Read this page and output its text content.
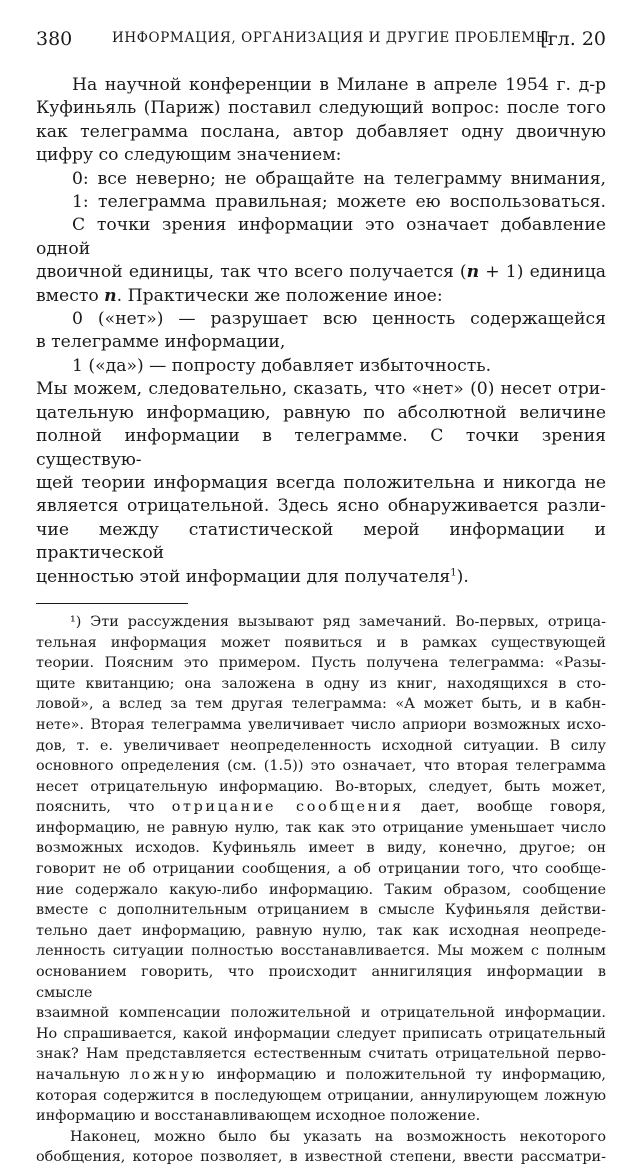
380	ИНФОРМАЦИЯ, ОРГАНИЗАЦИЯ И ДРУГИЕ ПРОБЛЕМЫ
[гл. 20

На научной конференции в Милане в апреле 1954 г. д-р
Куфиньяль (Париж) поставил следующий вопрос: после того
как телеграмма послана, автор добавляет одну двоичную
цифру со следующим значением:

0: все неверно; не обращайте на телеграмму внимания,

1: телеграмма правильная; можете ею воспользоваться.

С точки зрения информации это означает добавление одной
двоичной единицы, так что всего получается (n + 1) единица
вместо n. Практически же положение иное:

0 («нет») — разрушает всю ценность содержащейся
в телеграмме информации,

1 («да») — попросту добавляет избыточность.

Мы можем, следовательно, сказать, что «нет» (0) несет отри-
цательную информацию, равную по абсолютной величине
полной информации в телеграмме. С точки зрения существую-
щей теории информация всегда положительна и никогда не
является отрицательной. Здесь ясно обнаруживается разли-
чие между статистической мерой информации и практической
ценностью этой информации для получателя$^1$).

¹) Эти рассуждения вызывают ряд замечаний. Во-первых, отрица-
тельная информация может появиться и в рамках существующей
теории. Поясним это примером. Пусть получена телеграмма: «Разы-
щите квитанцию; она заложена в одну из книг, находящихся в сто-
ловой», а вслед за тем другая телеграмма: «А может быть, и в кабн-
нете». Вторая телеграмма увеличивает число априори возможных исхо-
дов, т. е. увеличивает неопределенность исходной ситуации. В силу
основного определения (см. (1.5)) это означает, что вторая телеграмма
несет отрицательную информацию. Во-вторых, следует, быть может,
пояснить, что отрицание сообщения дает, вообще говоря,
информацию, не равную нулю, так как это отрицание уменьшает число
возможных исходов. Куфиньяль имеет в виду, конечно, другое; он
говорит не об отрицании сообщения, а об отрицании того, что сообще-
ние содержало какую-либо информацию. Таким образом, сообщение
вместе с дополнительным отрицанием в смысле Куфиньяля действи-
тельно дает информацию, равную нулю, так как исходная неопреде-
ленность ситуации полностью восстанавливается. Мы можем с полным
основанием говорить, что происходит аннигиляция информации в смысле
взаимной компенсации положительной и отрицательной информации.
Но спрашивается, какой информации следует приписать отрицательный
знак? Нам представляется естественным считать отрицательной перво-
начальную ложную информацию и положительной ту информацию,
которая содержится в последующем отрицании, аннулирующем ложную
информацию и восстанавливающем исходное положение.
Наконец, можно было бы указать на возможность некоторого
обобщения, которое позволяет, в известной степени, ввести рассматри-
